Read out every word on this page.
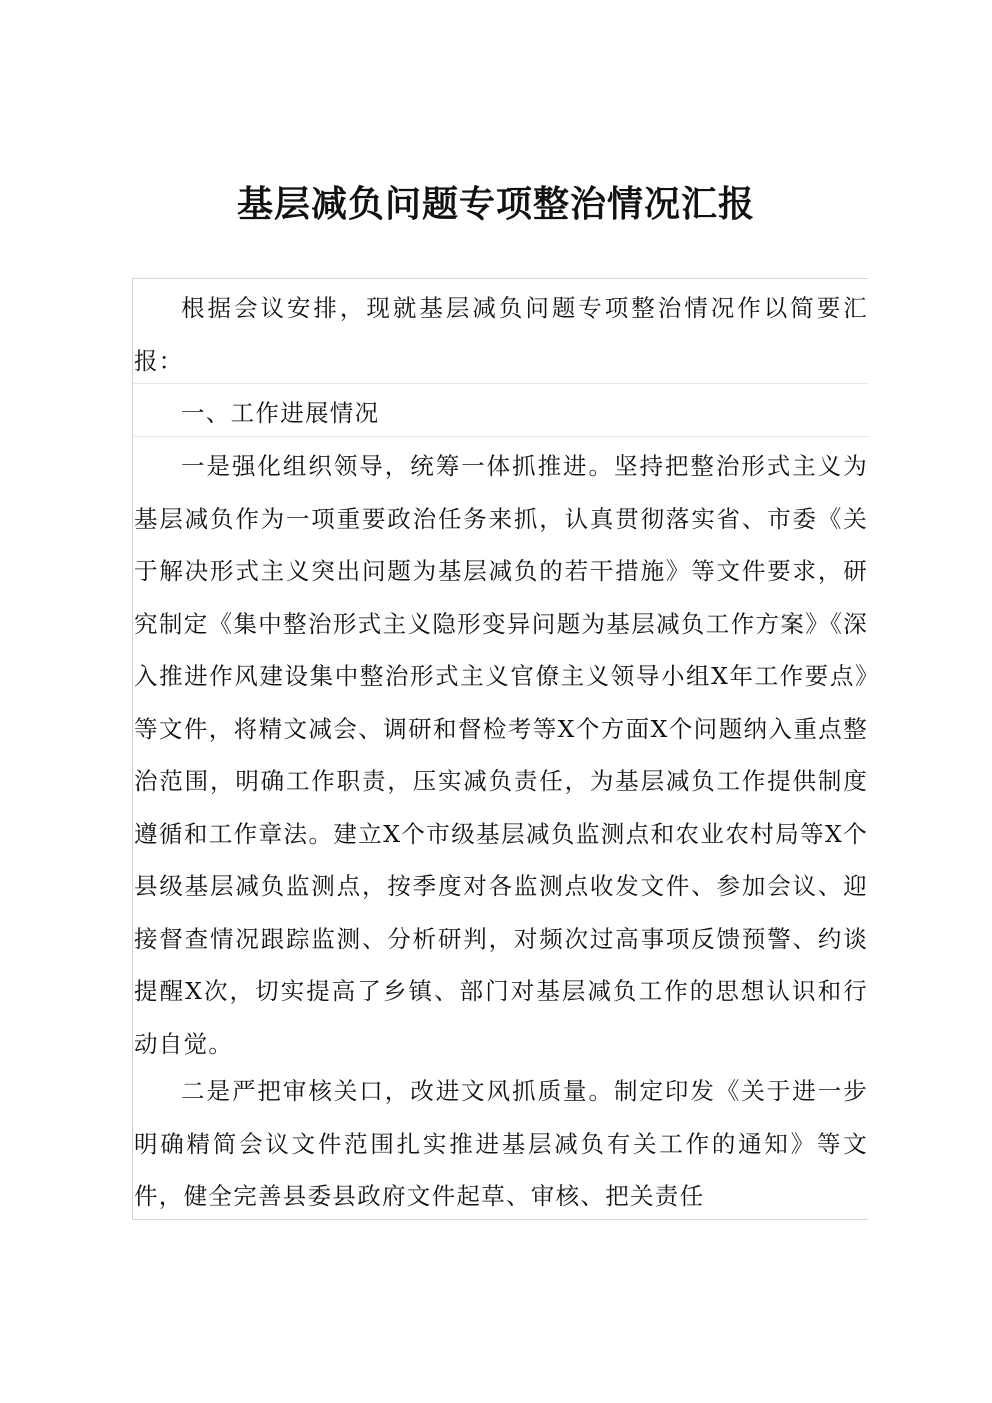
基层减负问题专项整治情况汇报

根据会议安排，现就基层减负问题专项整治情况作以简要汇报：

一、工作进展情况

一是强化组织领导，统筹一体抓推进。坚持把整治形式主义为基层减负作为一项重要政治任务来抓，认真贯彻落实省、市委《关于解决形式主义突出问题为基层减负的若干措施》等文件要求，研究制定《集中整治形式主义隐形变异问题为基层减负工作方案》《深入推进作风建设集中整治形式主义官僚主义领导小组X年工作要点》等文件，将精文减会、调研和督检考等X个方面X个问题纳入重点整治范围，明确工作职责，压实减负责任，为基层减负工作提供制度遵循和工作章法。建立X个市级基层减负监测点和农业农村局等X个县级基层减负监测点，按季度对各监测点收发文件、参加会议、迎接督查情况跟踪监测、分析研判，对频次过高事项反馈预警、约谈提醒X次，切实提高了乡镇、部门对基层减负工作的思想认识和行动自觉。

二是严把审核关口，改进文风抓质量。制定印发《关于进一步明确精简会议文件范围扎实推进基层减负有关工作的通知》等文件，健全完善县委县政府文件起草、审核、把关责任
